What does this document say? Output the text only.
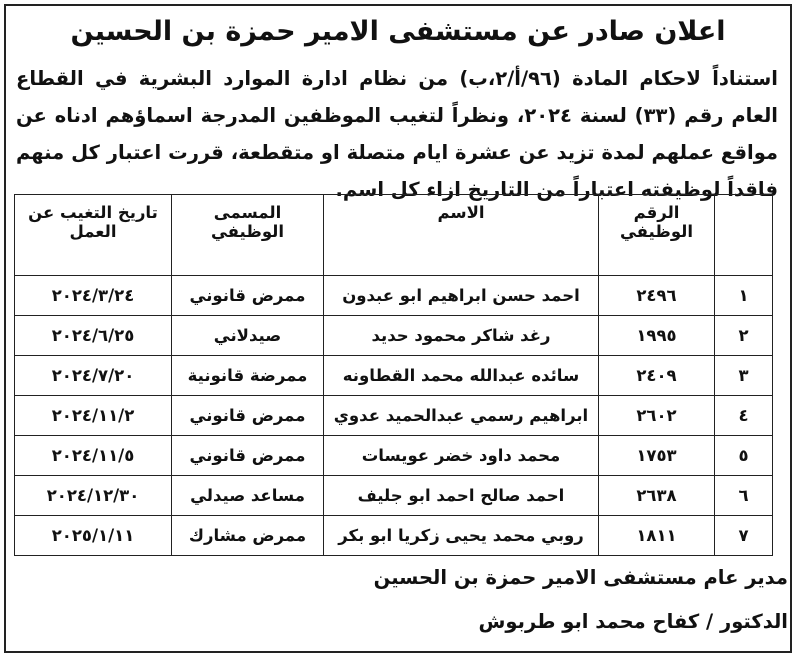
اعلان صادر عن مستشفى الامير حمزة بن الحسين
استناداً لاحكام المادة (٩٦/أ/٢،ب) من نظام ادارة الموارد البشرية في القطاع العام رقم (٣٣) لسنة ٢٠٢٤، ونظراً لتغيب الموظفين المدرجة اسماؤهم ادناه عن مواقع عملهم لمدة تزيد عن عشرة ايام متصلة او متقطعة، قررت اعتبار كل منهم فاقداً لوظيفته اعتباراً من التاريخ ازاء كل اسم.
	الرقم الوظيفي	الاسم	المسمى الوظيفي	تاريخ التغيب عن العمل
١	٢٤٩٦	احمد حسن ابراهيم ابو عبدون	ممرض قانوني	٢٠٢٤/٣/٢٤
٢	١٩٩٥	رغد شاكر محمود حديد	صيدلاني	٢٠٢٤/٦/٢٥
٣	٢٤٠٩	سائده عبدالله محمد القطاونه	ممرضة قانونية	٢٠٢٤/٧/٢٠
٤	٢٦٠٢	ابراهيم رسمي عبدالحميد عدوي	ممرض قانوني	٢٠٢٤/١١/٢
٥	١٧٥٣	محمد داود خضر عويسات	ممرض قانوني	٢٠٢٤/١١/٥
٦	٢٦٣٨	احمد صالح احمد ابو جليف	مساعد صيدلي	٢٠٢٤/١٢/٣٠
٧	١٨١١	روبي محمد يحيى زكريا ابو بكر	ممرض مشارك	٢٠٢٥/١/١١
مدير عام مستشفى الامير حمزة بن الحسين
الدكتور / كفاح محمد ابو طربوش
